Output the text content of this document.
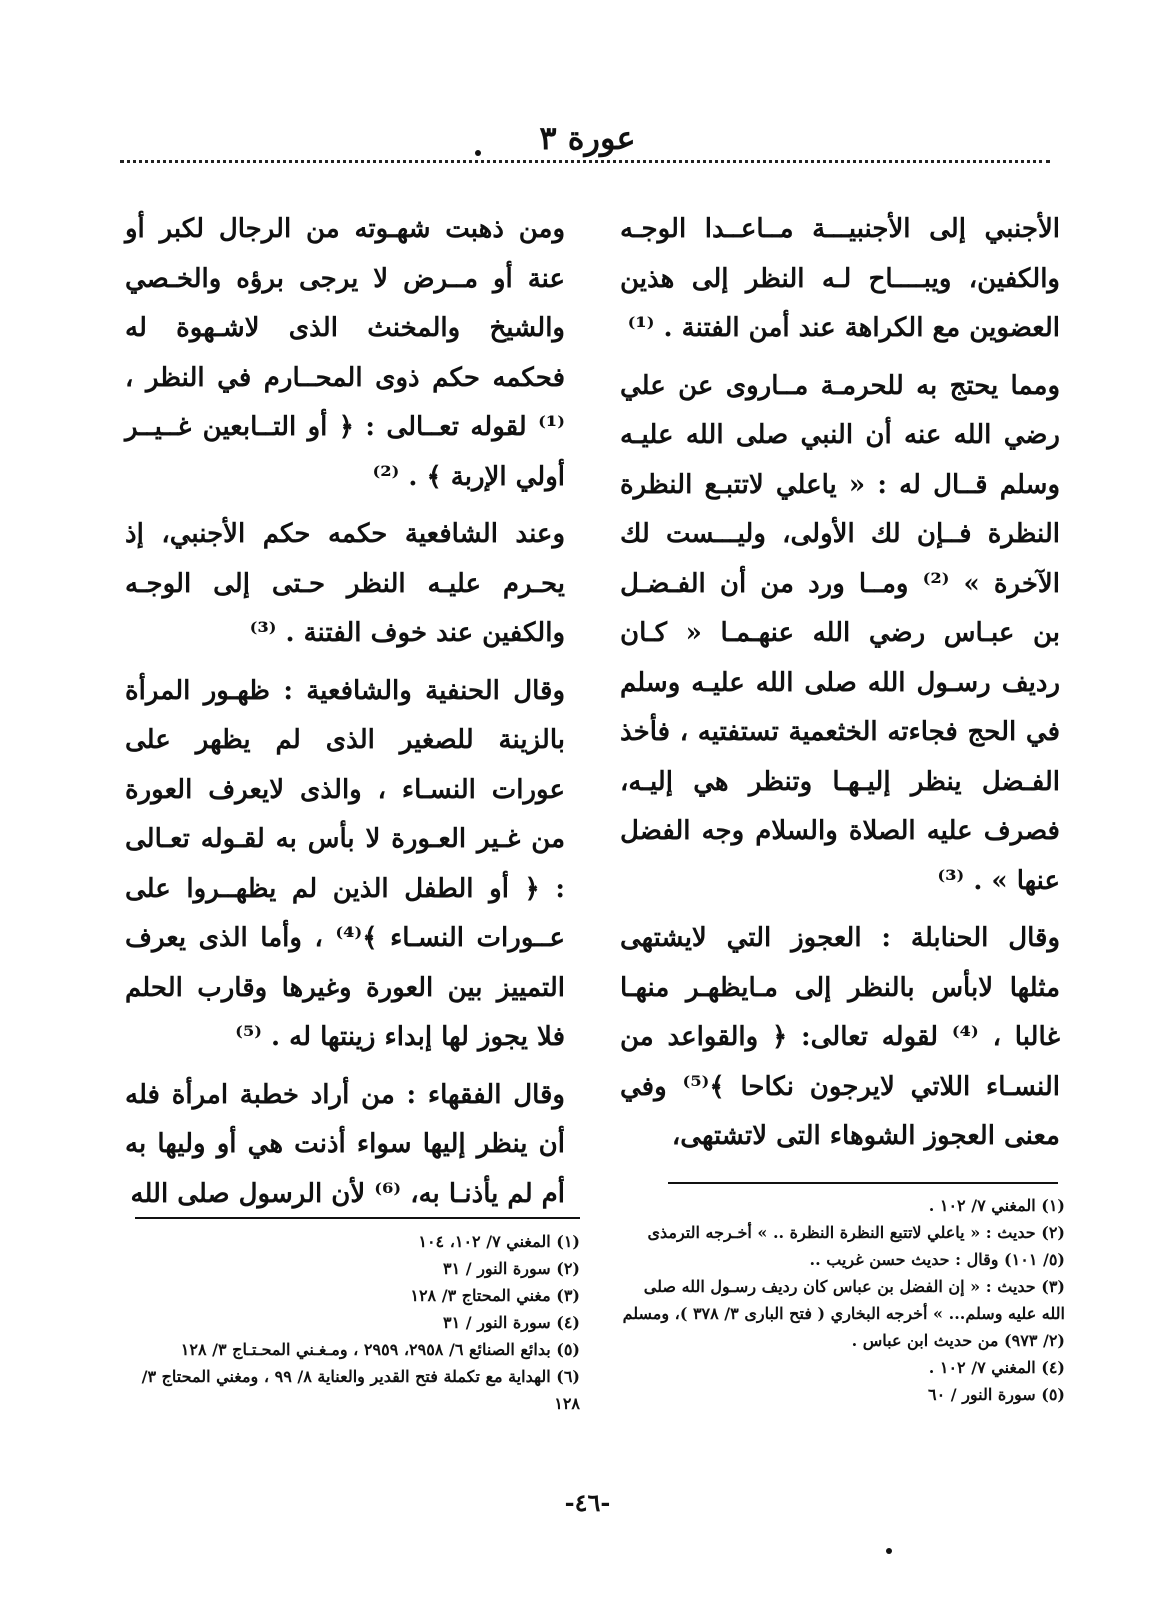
عورة ٣

الأجنبي إلى الأجنبيـــة مــاعــدا الوجـه والكفين، ويبــــاح لـه النظر إلى هذين العضوين مع الكراهة عند أمن الفتنة . ⁽¹⁾

ومما يحتج به للحرمـة مــاروى عن علي رضي الله عنه أن النبي صلى الله عليـه وسلم قــال له : « ياعلي لاتتبـع النظرة النظرة فــإن لك الأولى، وليـــست لك الآخرة » ⁽²⁾ ومــا ورد من أن الفـضـل بن عبـاس رضي الله عنهـمـا « كـان رديف رسـول الله صلى الله عليـه وسلم في الحج فجاءته الخثعمية تستفتيه ، فأخذ الفـضل ينظر إليـهـا وتنظر هي إليـه، فصرف عليه الصلاة والسلام وجه الفضل عنها » . ⁽³⁾

وقال الحنابلة : العجوز التي لايشتهى مثلها لابأس بالنظر إلى مـايظهـر منهـا غالبا ، ⁽⁴⁾ لقوله تعالى: ﴿ والقواعد من النسـاء اللاتي لايرجون نكاحا ﴾⁽⁵⁾ وفي معنى العجوز الشوهاء التى لاتشتهى،

ومن ذهبت شهـوته من الرجال لكبر أو عنة أو مــرض لا يرجى برؤه والخـصي والشيخ والمخنث الذى لاشـهوة له فحكمه حكم ذوى المحــارم في النظر ، ⁽¹⁾ لقوله تعــالى : ﴿ أو التــابعين غــيــر أولي الإربة ﴾ . ⁽²⁾

وعند الشافعية حكمه حكم الأجنبي، إذ يحـرم عليـه النظر حـتى إلى الوجـه والكفين عند خوف الفتنة . ⁽³⁾

وقال الحنفية والشافعية : ظهـور المرأة بالزينة للصغير الذى لم يظهر على عورات النسـاء ، والذى لايعرف العورة من غـير العـورة لا بأس به لقـوله تعـالى : ﴿ أو الطفل الذين لم يظهــروا على عــورات النسـاء ﴾⁽⁴⁾ ، وأما الذى يعرف التمييز بين العورة وغيرها وقارب الحلم فلا يجوز لها إبداء زينتها له . ⁽⁵⁾

وقال الفقهاء : من أراد خطبة امرأة فله أن ينظر إليها سواء أذنت هي أو وليها به أم لم يأذنـا به، ⁽⁶⁾ لأن الرسول صلى الله	(١) المغني ٧/ ١٠٢ .

(٢) حديث : « ياعلي لاتتبع النظرة النظرة .. » أخـرجه الترمذى (٥/ ١٠١) وقال : حديث حسن غريب ..

(٣) حديث : « إن الفضل بن عباس كان رديف رسـول الله صلى الله عليه وسلم... » أخرجه البخاري ( فتح البارى ٣/ ٣٧٨ )، ومسلم (٢/ ٩٧٣) من حديث ابن عباس .

(٤) المغني ٧/ ١٠٢ .

(٥) سورة النور / ٦٠

(١) المغني ٧/ ١٠٢، ١٠٤

(٢) سورة النور / ٣١

(٣) مغني المحتاج ٣/ ١٢٨

(٤) سورة النور / ٣١

(٥) بدائع الصنائع ٦/ ٢٩٥٨، ٢٩٥٩ ، ومـغـني المحـتـاج ٣/ ١٢٨

(٦) الهداية مع تكملة فتح القدير والعناية ٨/ ٩٩ ، ومغني المحتاج ٣/ ١٢٨

-٤٦-
